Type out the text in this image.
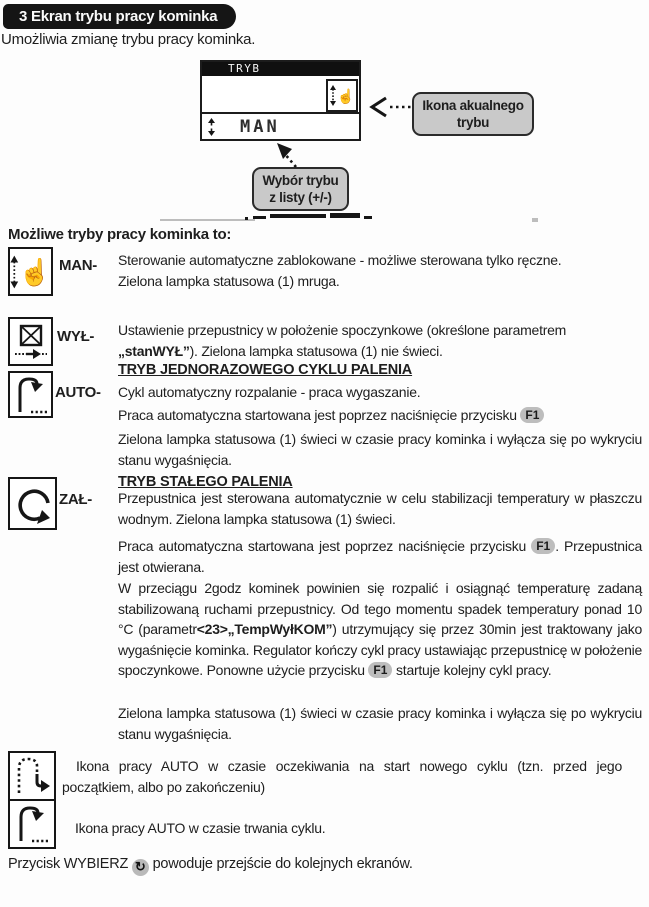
3 Ekran trybu pracy kominka
Umożliwia zmianę trybu pracy kominka.
TRYB
☝
MAN
Ikona akualnego trybu
Wybór trybu z listy (+/-)
Możliwe tryby pracy kominka to:
☝ MAN- Sterowanie automatyczne zablokowane - możliwe sterowana tylko ręczne.
Zielona lampka statusowa (1) mruga.
WYŁ- Ustawienie przepustnicy w położenie spoczynkowe (określone parametrem
„stanWYŁ”). Zielona lampka statusowa (1) nie świeci.
TRYB JEDNORAZOWEGO CYKLU PALENIA
AUTO- Cykl automatyczny rozpalanie - praca wygaszanie.
Praca automatyczna startowana jest poprzez naciśnięcie przycisku F1
Zielona lampka statusowa (1) świeci w czasie pracy kominka i wyłącza się po wykryciu stanu wygaśnięcia.
TRYB STAŁEGO PALENIA
ZAŁ- Przepustnica jest sterowana automatycznie w celu stabilizacji temperatury w płaszczu wodnym. Zielona lampka statusowa (1) świeci.
Praca automatyczna startowana jest poprzez naciśnięcie przycisku F1 . Przepustnica jest otwierana.
W przeciągu 2godz kominek powinien się rozpalić i osiągnąć temperaturę zadaną stabilizowaną ruchami przepustnicy. Od tego momentu spadek temperatury ponad 10 °C (parametr<23>„TempWyłKOM”) utrzymujący się przez 30min jest traktowany jako wygaśnięcie kominka. Regulator kończy cykl pracy ustawiając przepustnicę w położenie spoczynkowe. Ponowne użycie przycisku F1 startuje kolejny cykl pracy.
Zielona lampka statusowa (1) świeci w czasie pracy kominka i wyłącza się po wykryciu stanu wygaśnięcia.
Ikona pracy AUTO w czasie oczekiwania na start nowego cyklu (tzn. przed jego początkiem, albo po zakończeniu)
Ikona pracy AUTO w czasie trwania cyklu.
Przycisk WYBIERZ ↻ powoduje przejście do kolejnych ekranów.
